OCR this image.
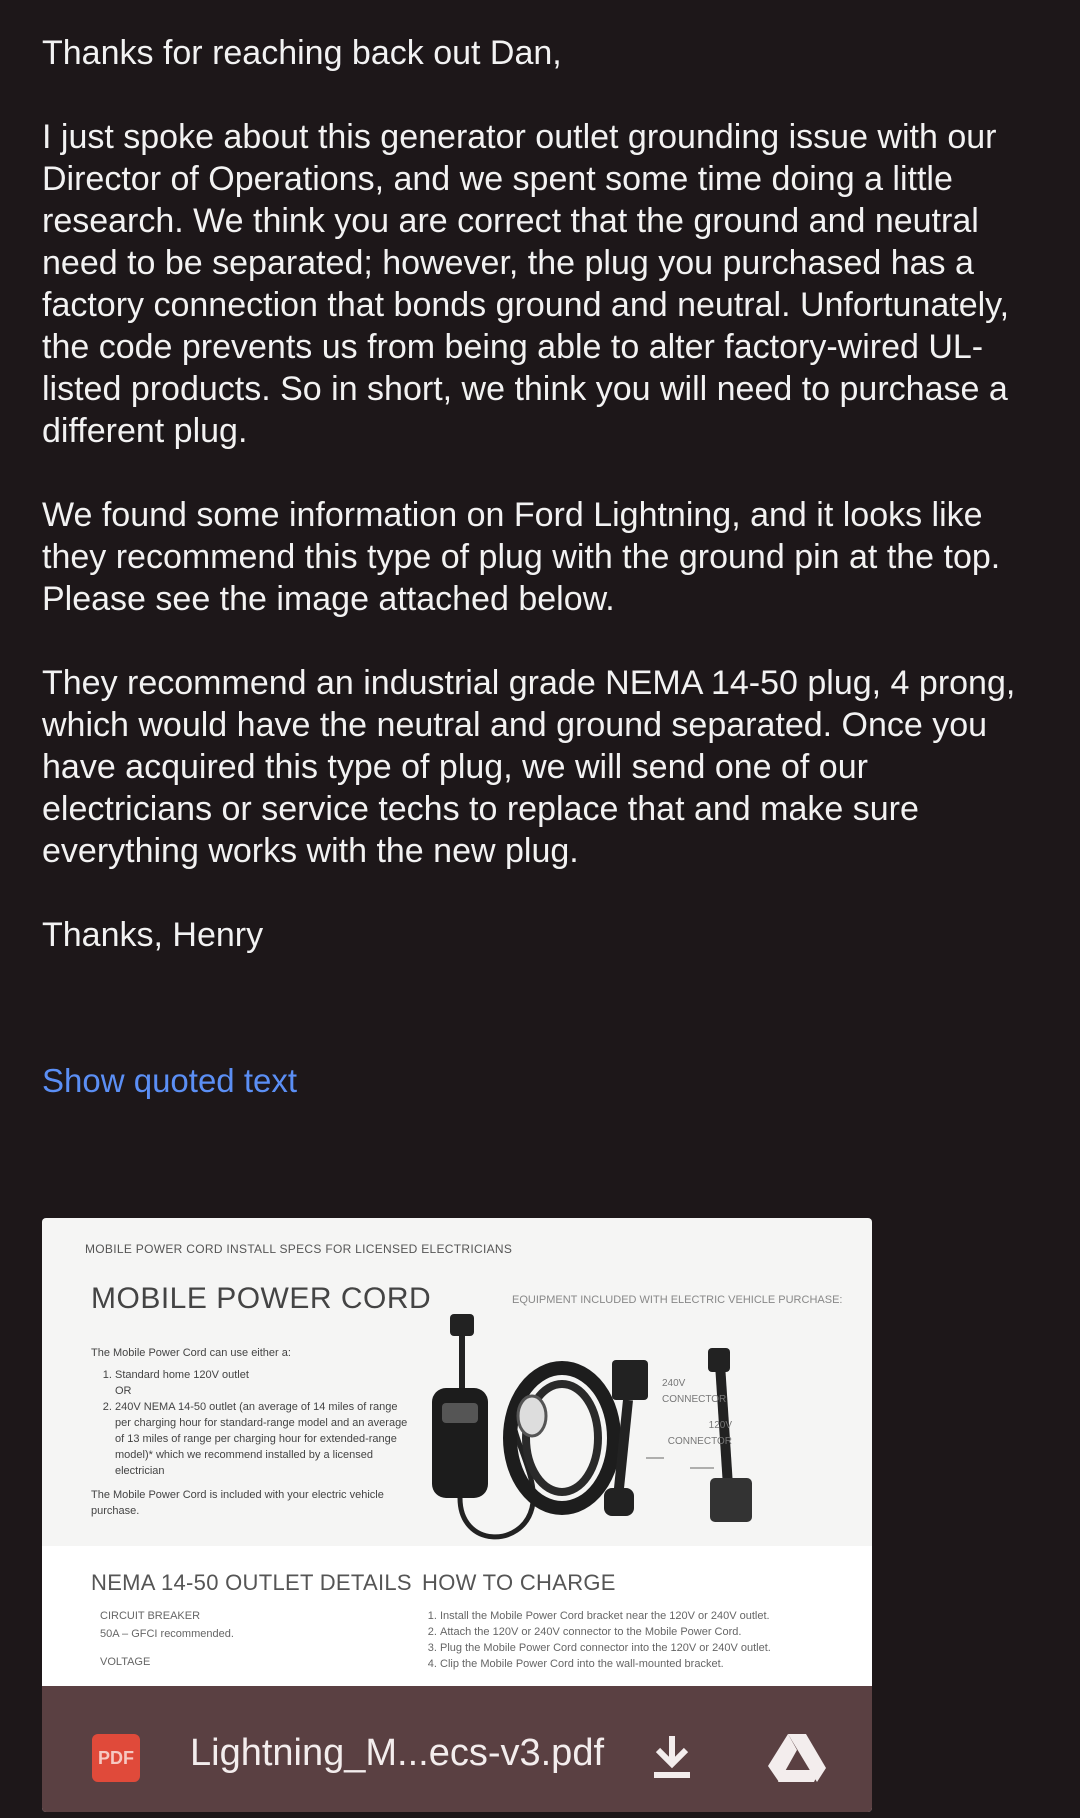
Thanks for reaching back out Dan,

I just spoke about this generator outlet grounding issue with our Director of Operations, and we spent some time doing a little research. We think you are correct that the ground and neutral need to be separated; however, the plug you purchased has a factory connection that bonds ground and neutral. Unfortunately, the code prevents us from being able to alter factory-wired UL-listed products. So in short, we think you will need to purchase a different plug.

We found some information on Ford Lightning, and it looks like they recommend this type of plug with the ground pin at the top. Please see the image attached below.

They recommend an industrial grade NEMA 14-50 plug, 4 prong, which would have the neutral and ground separated. Once you have acquired this type of plug, we will send one of our electricians or service techs to replace that and make sure everything works with the new plug.

Thanks, Henry

Show quoted text
MOBILE POWER CORD INSTALL SPECS FOR LICENSED ELECTRICIANS
MOBILE POWER CORD	EQUIPMENT INCLUDED WITH ELECTRIC VEHICLE PURCHASE:

The Mobile Power Cord can use either a:

1. Standard home 120V outlet
OR
2. 240V NEMA 14-50 outlet (an average of 14 miles of range per charging hour for standard-range model and an average of 13 miles of range per charging hour for extended-range model)* which we recommend installed by a licensed electrician

The Mobile Power Cord is included with your electric vehicle purchase.

240V CONNECTOR
120V CONNECTOR
NEMA 14-50 OUTLET DETAILS
CIRCUIT BREAKER
50A – GFCI recommended.
VOLTAGE
HOW TO CHARGE
1. Install the Mobile Power Cord bracket near the 120V or 240V outlet.
2. Attach the 120V or 240V connector to the Mobile Power Cord.
3. Plug the Mobile Power Cord connector into the 120V or 240V outlet.
4. Clip the Mobile Power Cord into the wall-mounted bracket.
PDF Lightning_M...ecs-v3.pdf
